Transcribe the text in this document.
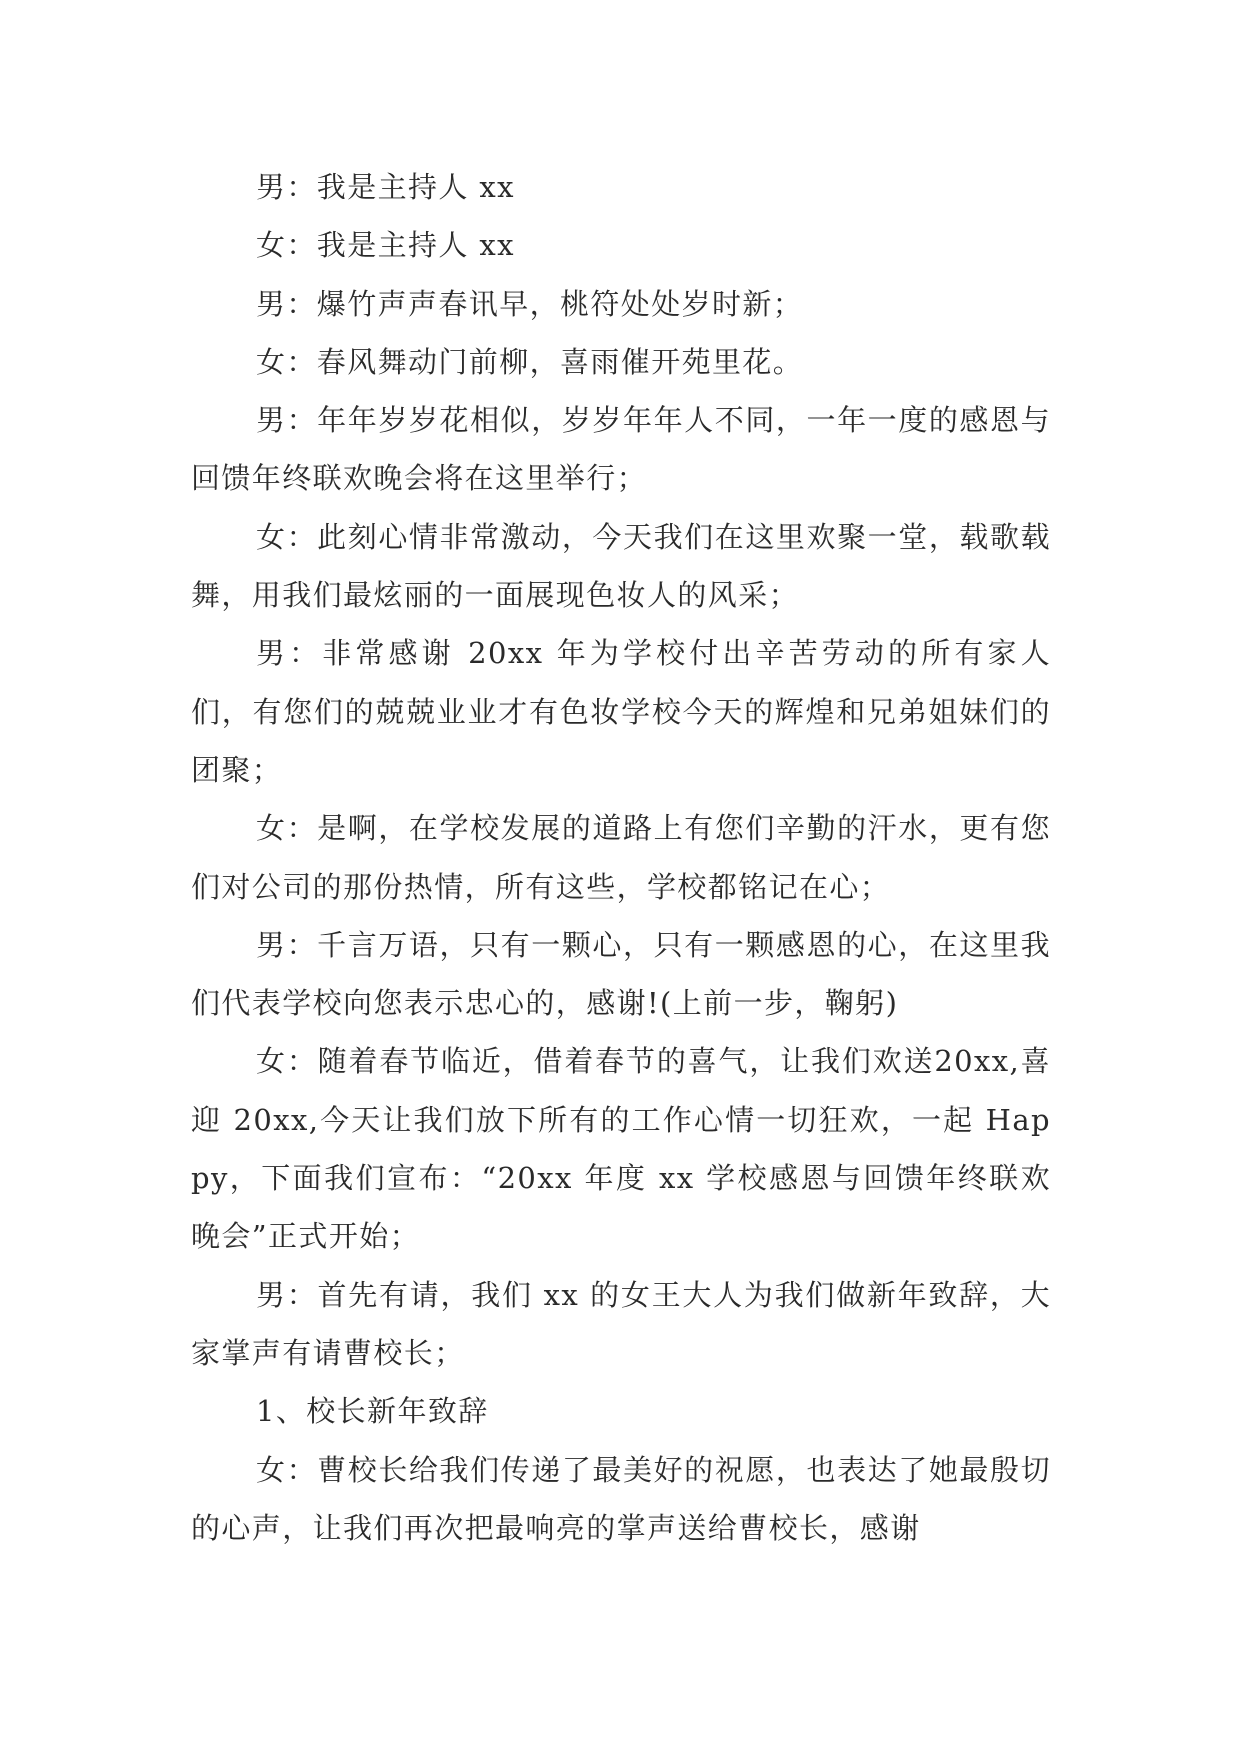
男：我是主持人 xx

女：我是主持人 xx

男：爆竹声声春讯早，桃符处处岁时新；

女：春风舞动门前柳，喜雨催开苑里花。

男：年年岁岁花相似，岁岁年年人不同，一年一度的感恩与回馈年终联欢晚会将在这里举行；

女：此刻心情非常激动，今天我们在这里欢聚一堂，载歌载舞，用我们最炫丽的一面展现色妆人的风采；

男：非常感谢 20xx 年为学校付出辛苦劳动的所有家人们，有您们的兢兢业业才有色妆学校今天的辉煌和兄弟姐妹们的团聚；

女：是啊，在学校发展的道路上有您们辛勤的汗水，更有您们对公司的那份热情，所有这些，学校都铭记在心；

男：千言万语，只有一颗心，只有一颗感恩的心，在这里我们代表学校向您表示忠心的，感谢!(上前一步，鞠躬)

女：随着春节临近，借着春节的喜气，让我们欢送20xx,喜迎 20xx,今天让我们放下所有的工作心情一切狂欢，一起 Happy，下面我们宣布：“20xx 年度 xx 学校感恩与回馈年终联欢晚会”正式开始；

男：首先有请，我们 xx 的女王大人为我们做新年致辞，大家掌声有请曹校长；

1、校长新年致辞

女：曹校长给我们传递了最美好的祝愿，也表达了她最殷切的心声，让我们再次把最响亮的掌声送给曹校长，感谢
